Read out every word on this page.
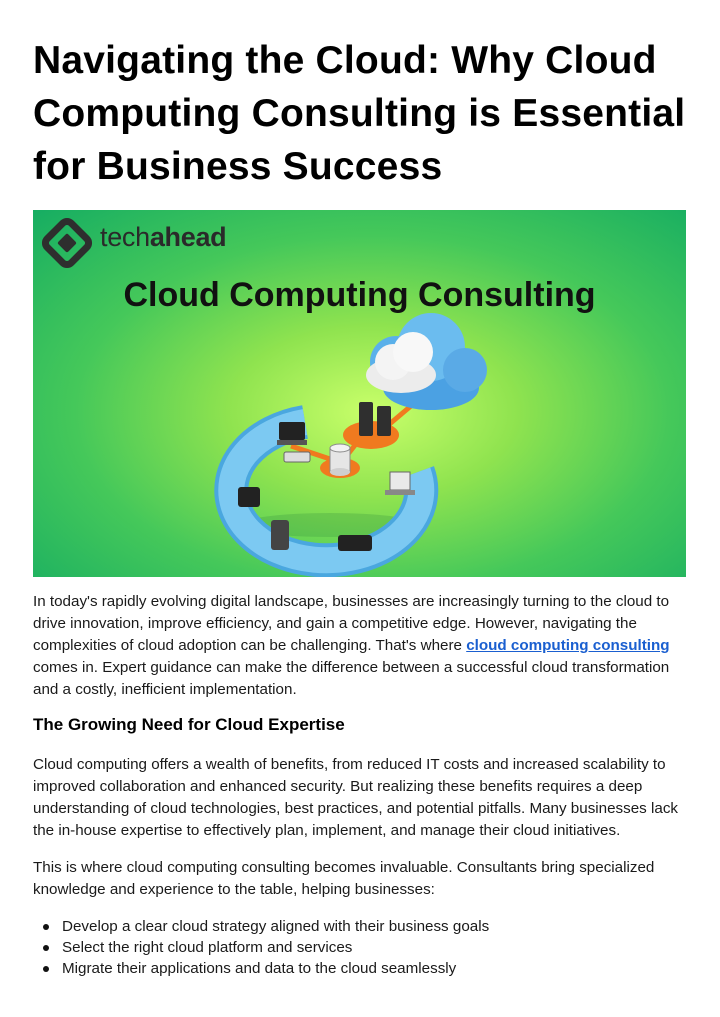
Navigating the Cloud: Why Cloud Computing Consulting is Essential for Business Success
techahead
Cloud Computing Consulting

In today's rapidly evolving digital landscape, businesses are increasingly turning to the cloud to drive innovation, improve efficiency, and gain a competitive edge. However, navigating the complexities of cloud adoption can be challenging. That's where cloud computing consulting comes in. Expert guidance can make the difference between a successful cloud transformation and a costly, inefficient implementation.

The Growing Need for Cloud Expertise

Cloud computing offers a wealth of benefits, from reduced IT costs and increased scalability to improved collaboration and enhanced security. But realizing these benefits requires a deep understanding of cloud technologies, best practices, and potential pitfalls. Many businesses lack the in-house expertise to effectively plan, implement, and manage their cloud initiatives.

This is where cloud computing consulting becomes invaluable. Consultants bring specialized knowledge and experience to the table, helping businesses:

Develop a clear cloud strategy aligned with their business goals
Select the right cloud platform and services
Migrate their applications and data to the cloud seamlessly
